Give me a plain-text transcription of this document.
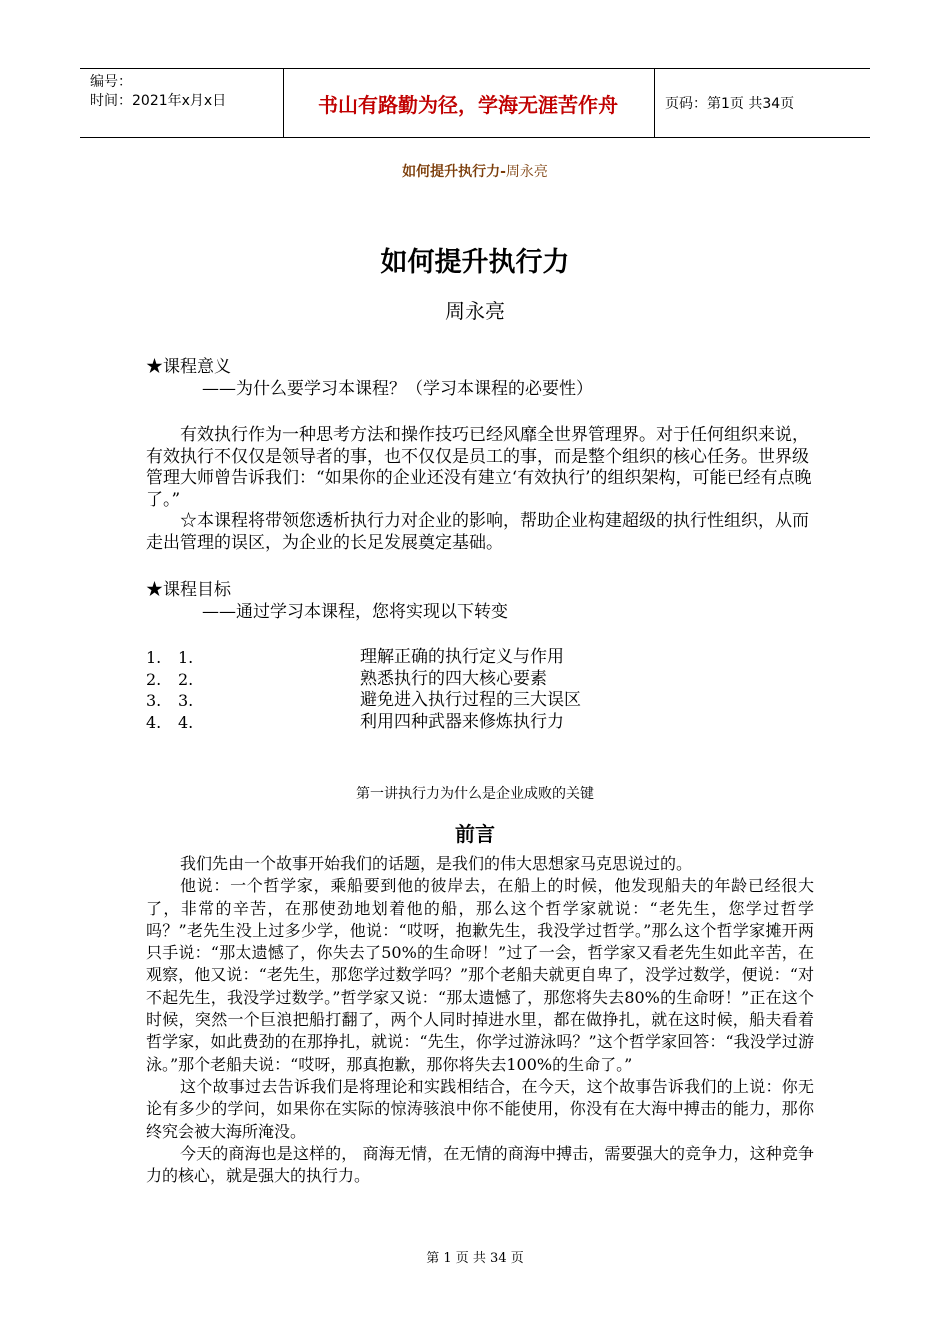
编号：
时间：2021年x月x日	书山有路勤为径，学海无涯苦作舟	页码：第1页 共34页
如何提升执行力-周永亮
如何提升执行力
周永亮
★课程意义
——为什么要学习本课程？（学习本课程的必要性）

有效执行作为一种思考方法和操作技巧已经风靡全世界管理界。对于任何组织来说，有效执行不仅仅是领导者的事，也不仅仅是员工的事，而是整个组织的核心任务。世界级管理大师曾告诉我们：“如果你的企业还没有建立‘有效执行’的组织架构，可能已经有点晚了。”

☆本课程将带领您透析执行力对企业的影响，帮助企业构建超级的执行性组织，从而走出管理的误区，为企业的长足发展奠定基础。

★课程目标
——通过学习本课程，您将实现以下转变
1. 1.	理解正确的执行定义与作用
2. 2.	熟悉执行的四大核心要素
3. 3.	避免进入执行过程的三大误区
4. 4.	利用四种武器来修炼执行力
第一讲执行力为什么是企业成败的关键
前言

我们先由一个故事开始我们的话题，是我们的伟大思想家马克思说过的。

他说：一个哲学家，乘船要到他的彼岸去，在船上的时候，他发现船夫的年龄已经很大了，非常的辛苦，在那使劲地划着他的船，那么这个哲学家就说：“老先生，您学过哲学吗？”老先生没上过多少学，他说：“哎呀，抱歉先生，我没学过哲学。”那么这个哲学家摊开两只手说：“那太遗憾了，你失去了50%的生命呀！”过了一会，哲学家又看老先生如此辛苦，在观察，他又说：“老先生，那您学过数学吗？”那个老船夫就更自卑了，没学过数学，便说：“对不起先生，我没学过数学。”哲学家又说：“那太遗憾了，那您将失去80%的生命呀！”正在这个时候，突然一个巨浪把船打翻了，两个人同时掉进水里，都在做挣扎，就在这时候，船夫看着哲学家，如此费劲的在那挣扎，就说：“先生，你学过游泳吗？”这个哲学家回答：“我没学过游泳。”那个老船夫说：“哎呀，那真抱歉，那你将失去100%的生命了。”

这个故事过去告诉我们是将理论和实践相结合，在今天，这个故事告诉我们的上说：你无论有多少的学问，如果你在实际的惊涛骇浪中你不能使用，你没有在大海中搏击的能力，那你终究会被大海所淹没。

今天的商海也是这样的， 商海无情，在无情的商海中搏击，需要强大的竞争力，这种竞争力的核心，就是强大的执行力。

第 1 页 共 34 页
